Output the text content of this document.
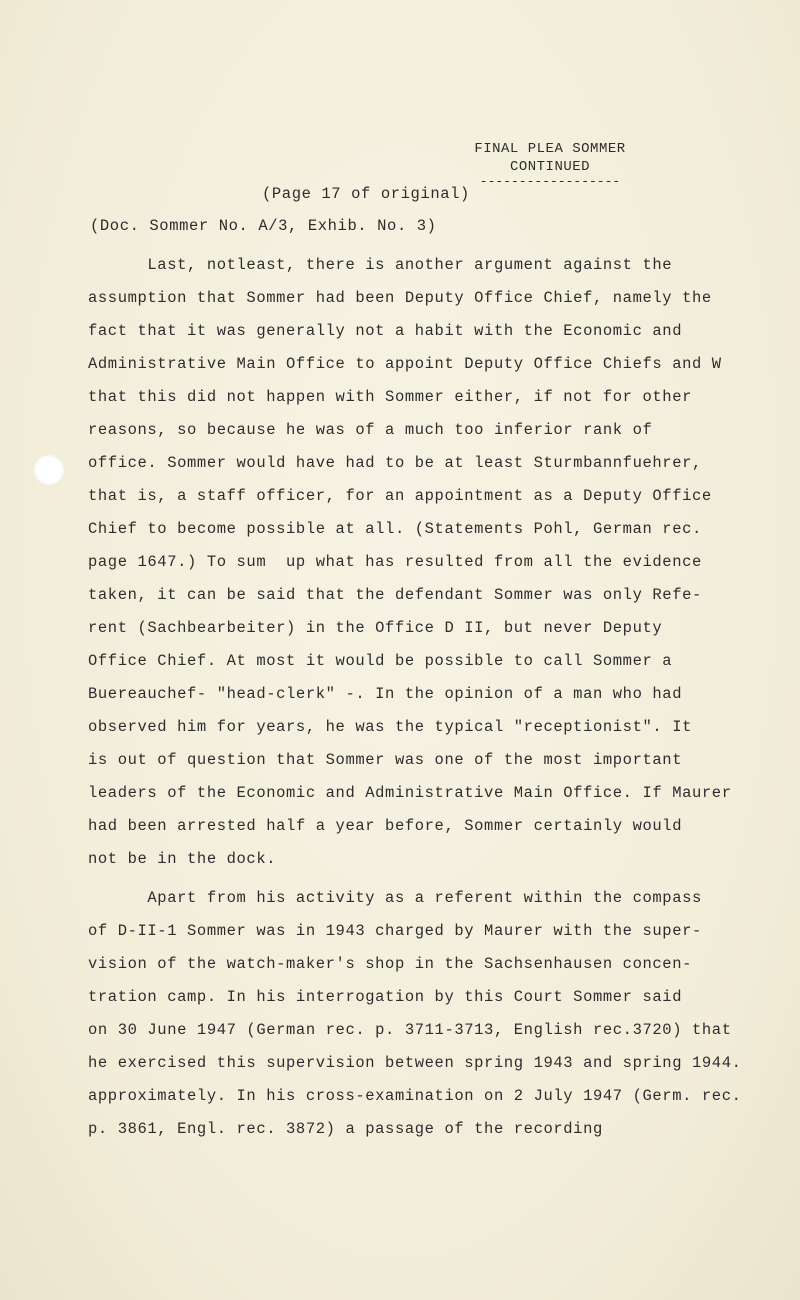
FINAL PLEA SOMMER
CONTINUED
------------------
(Page 17 of original)
(Doc. Sommer No. A/3, Exhib. No. 3)
Last, notleast, there is another argument against the
assumption that Sommer had been Deputy Office Chief, namely the
fact that it was generally not a habit with the Economic and
Administrative Main Office to appoint Deputy Office Chiefs and W
that this did not happen with Sommer either, if not for other
reasons, so because he was of a much too inferior rank of
office. Sommer would have had to be at least Sturmbannfuehrer,
that is, a staff officer, for an appointment as a Deputy Office
Chief to become possible at all. (Statements Pohl, German rec.
page 1647.) To sum  up what has resulted from all the evidence
taken, it can be said that the defendant Sommer was only Refe-
rent (Sachbearbeiter) in the Office D II, but never Deputy
Office Chief. At most it would be possible to call Sommer a
Buereauchef- "head-clerk" -. In the opinion of a man who had
observed him for years, he was the typical "receptionist". It
is out of question that Sommer was one of the most important
leaders of the Economic and Administrative Main Office. If Maurer
had been arrested half a year before, Sommer certainly would
not be in the dock.
Apart from his activity as a referent within the compass
of D-II-1 Sommer was in 1943 charged by Maurer with the super-
vision of the watch-maker's shop in the Sachsenhausen concen-
tration camp. In his interrogation by this Court Sommer said
on 30 June 1947 (German rec. p. 3711-3713, English rec.3720) that
he exercised this supervision between spring 1943 and spring 1944.
approximately. In his cross-examination on 2 July 1947 (Germ. rec.
p. 3861, Engl. rec. 3872) a passage of the recording
